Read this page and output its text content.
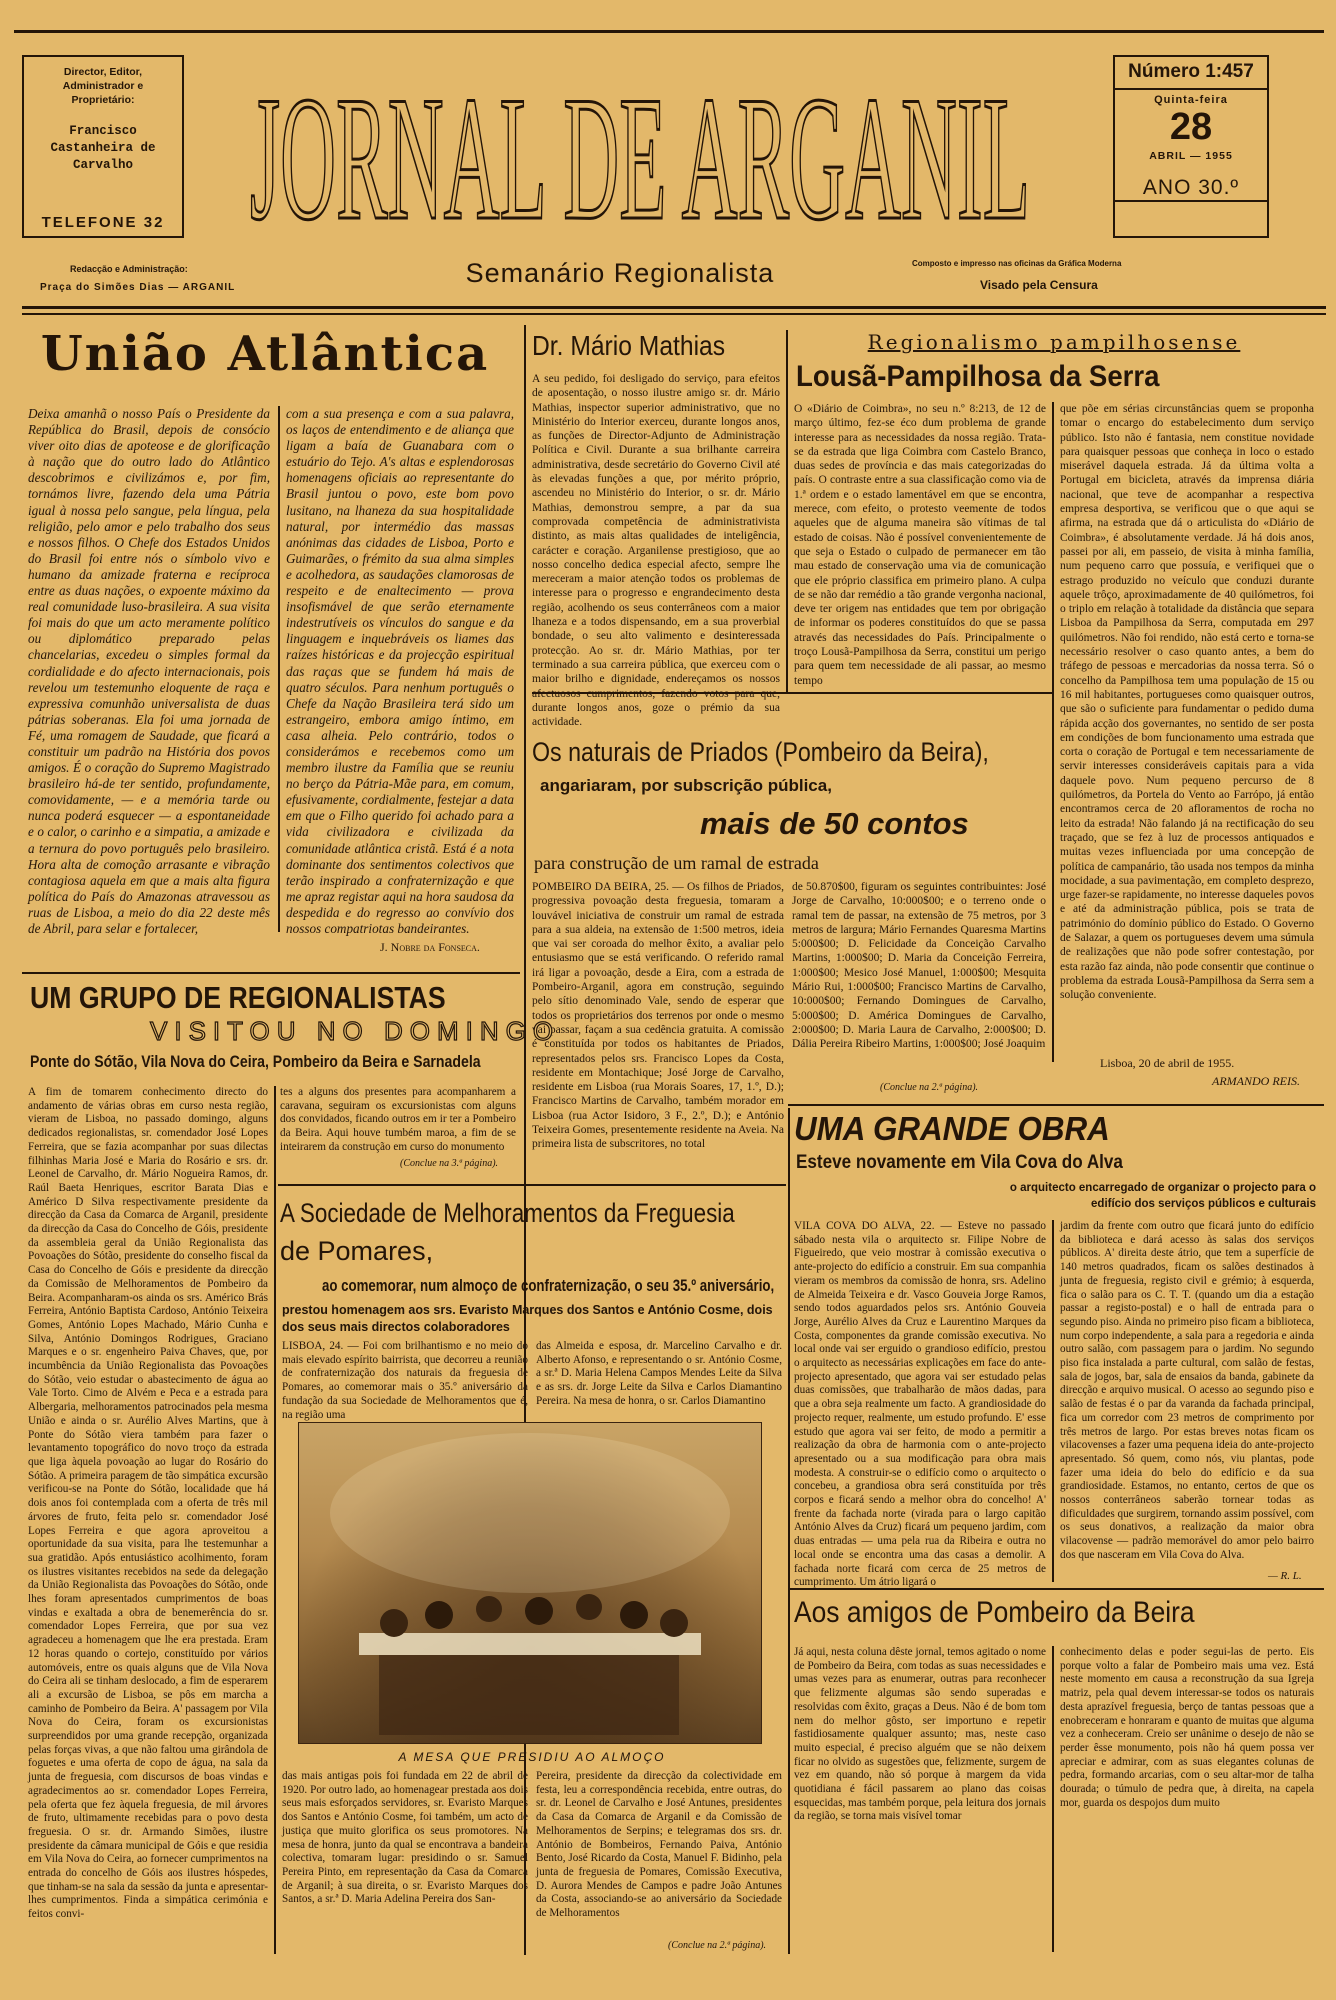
Director, Editor, Administrador e Proprietário:
Francisco Castanheira de Carvalho
TELEFONE 32
Redacção e Administração:
Praça do Simões Dias — ARGANIL
JORNAL DE ARGANIL
Semanário Regionalista	Composto e impresso nas oficinas da Gráfica Moderna
Visado pela Censura
Número 1:457
Quinta-feira
28
ABRIL — 1955
ANO 30.º
União Atlântica

Deixa amanhã o nosso País o Presidente da República do Brasil, depois de consócio viver oito dias de apoteose e de glorificação à nação que do outro lado do Atlântico descobrimos e civilizámos e, por fim, tornámos livre, fazendo dela uma Pátria igual à nossa pelo sangue, pela língua, pela religião, pelo amor e pelo trabalho dos seus e nossos filhos. O Chefe dos Estados Unidos do Brasil foi entre nós o símbolo vivo e humano da amizade fraterna e recíproca entre as duas nações, o expoente máximo da real comunidade luso-brasileira. A sua visita foi mais do que um acto meramente político ou diplomático preparado pelas chancelarias, excedeu o simples formal da cordialidade e do afecto internacionais, pois revelou um testemunho eloquente de raça e expressiva comunhão universalista de duas pátrias soberanas. Ela foi uma jornada de Fé, uma romagem de Saudade, que ficará a constituir um padrão na História dos povos amigos. É o coração do Supremo Magistrado brasileiro há-de ter sentido, profundamente, comovidamente, — e a memória tarde ou nunca poderá esquecer — a espontaneidade e o calor, o carinho e a simpatia, a amizade e a ternura do povo português pelo brasileiro. Hora alta de comoção arrasante e vibração contagiosa aquela em que a mais alta figura política do País do Amazonas atravessou as ruas de Lisboa, a meio do dia 22 deste mês de Abril, para selar e fortalecer,

com a sua presença e com a sua palavra, os laços de entendimento e de aliança que ligam a baía de Guanabara com o estuário do Tejo. A's altas e esplendorosas homenagens oficiais ao representante do Brasil juntou o povo, este bom povo lusitano, na lhaneza da sua hospitalidade natural, por intermédio das massas anónimas das cidades de Lisboa, Porto e Guimarães, o frémito da sua alma simples e acolhedora, as saudações clamorosas de respeito e de enaltecimento — prova insofismável de que serão eternamente indestrutíveis os vínculos do sangue e da linguagem e inquebráveis os liames das raízes históricas e da projecção espiritual das raças que se fundem há mais de quatro séculos. Para nenhum português o Chefe da Nação Brasileira terá sido um estrangeiro, embora amigo íntimo, em casa alheia. Pelo contrário, todos o considerámos e recebemos como um membro ilustre da Família que se reuniu no berço da Pátria-Mãe para, em comum, efusivamente, cordialmente, festejar a data em que o Filho querido foi achado para a vida civilizadora e civilizada da comunidade atlântica cristã. Está é a nota dominante dos sentimentos colectivos que terão inspirado a confraternização e que me apraz registar aqui na hora saudosa da despedida e do regresso ao convívio dos nossos compatriotas bandeirantes.

J. Nobre da Fonseca.
Dr. Mário Mathias

A seu pedido, foi desligado do serviço, para efeitos de aposentação, o nosso ilustre amigo sr. dr. Mário Mathias, inspector superior administrativo, que no Ministério do Interior exerceu, durante longos anos, as funções de Director-Adjunto de Administração Política e Civil. Durante a sua brilhante carreira administrativa, desde secretário do Governo Civil até às elevadas funções a que, por mérito próprio, ascendeu no Ministério do Interior, o sr. dr. Mário Mathias, demonstrou sempre, a par da sua comprovada competência de administrativista distinto, as mais altas qualidades de inteligência, carácter e coração. Arganilense prestigioso, que ao nosso concelho dedica especial afecto, sempre lhe mereceram a maior atenção todos os problemas de interesse para o progresso e engrandecimento desta região, acolhendo os seus conterrâneos com a maior lhaneza e a todos dispensando, em a sua proverbial bondade, o seu alto valimento e desinteressada protecção. Ao sr. dr. Mário Mathias, por ter terminado a sua carreira pública, que exerceu com o maior brilho e dignidade, endereçamos os nossos durante longos anos, goze o prémio da sua actividade.

Regionalismo pampilhosense
Lousã-Pampilhosa da Serra

O «Diário de Coimbra», no seu n.º 8:213, de 12 de março último, fez-se éco dum problema de grande interesse para as necessidades da nossa região. Trata-se da estrada que liga Coimbra com Castelo Branco, duas sedes de província e das mais categorizadas do país. O contraste entre a sua classificação como via de 1.ª ordem e o estado lamentável em que se encontra, merece, com efeito, o protesto veemente de todos aqueles que de alguma maneira são vítimas de tal estado de coisas. Não é possível convenientemente de que seja o Estado o culpado de permanecer em tão mau estado de conservação uma via de comunicação que ele próprio classifica em primeiro plano. A culpa de se não dar remédio a tão grande vergonha nacional, deve ter origem nas entidades que tem por obrigação de informar os poderes constituídos do que se passa através das necessidades do País. Principalmente o troço Lousã-Pampilhosa da Serra, constitui um perigo para quem tem necessidade de ali passar, ao mesmo tempo

que põe em sérias circunstâncias quem se proponha tomar o encargo do estabelecimento dum serviço público. Isto não é fantasia, nem constitue novidade para quaisquer pessoas que conheça in loco o estado miserável daquela estrada. Já da última volta a Portugal em bicicleta, através da imprensa diária nacional, que teve de acompanhar a respectiva empresa desportiva, se verificou que o que aqui se afirma, na estrada que dá o articulista do «Diário de Coimbra», é absolutamente verdade. Já há dois anos, passei por ali, em passeio, de visita à minha família, num pequeno carro que possuía, e verifiquei que o estrago produzido no veículo que conduzi durante aquele trôço, aproximadamente de 40 quilómetros, foi o triplo em relação à totalidade da distância que separa Lisboa da Pampilhosa da Serra, computada em 297 quilómetros. Não foi rendido, não está certo e torna-se necessário resolver o caso quanto antes, a bem do tráfego de pessoas e mercadorias da nossa terra. Só o concelho da Pampilhosa tem uma população de 15 ou 16 mil habitantes, portugueses como quaisquer outros, que são o suficiente para fundamentar o pedido duma rápida acção dos governantes, no sentido de ser posta em condições de bom funcionamento uma estrada que corta o coração de Portugal e tem necessariamente de servir interesses consideráveis capitais para a vida daquele povo. Num pequeno percurso de 8 quilómetros, da Portela do Vento ao Farrópo, já então encontramos cerca de 20 afloramentos de rocha no leito da estrada! Não falando já na rectificação do seu traçado, que se fez à luz de processos antiquados e muitas vezes influenciada por uma concepção de política de campanário, tão usada nos tempos da minha mocidade, a sua pavimentação, em completo desprezo, urge fazer-se rapidamente, no interesse daqueles povos e até da administração pública, pois se trata de património do domínio público do Estado. O Governo de Salazar, a quem os portugueses devem uma súmula de realizações que não pode sofrer contestação, por esta razão faz ainda, não pode consentir que continue o problema da estrada Lousã-Pampilhosa da Serra sem a solução conveniente.

Lisboa, 20 de abril de 1955.
ARMANDO REIS.
Os naturais de Priados (Pombeiro da Beira),
angariaram, por subscrição pública,
mais de 50 contos
para construção de um ramal de estrada

POMBEIRO DA BEIRA, 25. — Os filhos de Priados, progressiva povoação desta freguesia, tomaram a louvável iniciativa de construir um ramal de estrada para a sua aldeia, na extensão de 1:500 metros, ideia que vai ser coroada do melhor êxito, a avaliar pelo entusiasmo que se está verificando. O referido ramal irá ligar a povoação, desde a Eira, com a estrada de Pombeiro-Arganil, agora em construção, seguindo pelo sítio denominado Vale, sendo de esperar que todos os proprietários dos terrenos por onde o mesmo vai passar, façam a sua cedência gratuita. A comissão é constituída por todos os habitantes de Priados, representados pelos srs. Francisco Lopes da Costa, residente em Montachique; José Jorge de Carvalho, residente em Lisboa (rua Morais Soares, 17, 1.º, D.); Francisco Martins de Carvalho, também morador em Lisboa (rua Actor Isidoro, 3 F., 2.º, D.); e António Teixeira Gomes, presentemente residente na Aveia. Na primeira lista de subscritores, no total

de 50.870$00, figuram os seguintes contribuintes: José Jorge de Carvalho, 10:000$00; e o terreno onde o ramal tem de passar, na extensão de 75 metros, por 3 metros de largura; Mário Fernandes Quaresma Martins 5:000$00; D. Felicidade da Conceição Carvalho Martins, 1:000$00; D. Maria da Conceição Ferreira, 1:000$00; Mesico José Manuel, 1:000$00; Mesquita Mário Rui, 1:000$00; Francisco Martins de Carvalho, 10:000$00; Fernando Domingues de Carvalho, 5:000$00; D. América Domingues de Carvalho, 2:000$00; D. Maria Laura de Carvalho, 2:000$00; D. Dália Pereira Ribeiro Martins, 1:000$00; José Joaquim

(Conclue na 2.ª página).
UM GRUPO DE REGIONALISTAS
VISITOU NO DOMINGO
Ponte do Sótão, Vila Nova do Ceira, Pombeiro da Beira e Sarnadela

A fim de tomarem conhecimento directo do andamento de várias obras em curso nesta região, vieram de Lisboa, no passado domingo, alguns dedicados regionalistas, sr. comendador José Lopes Ferreira, que se fazia acompanhar por suas dilectas filhinhas Maria José e Maria do Rosário e srs. dr. Leonel de Carvalho, dr. Mário Nogueira Ramos, dr. Raúl Baeta Henriques, escritor Barata Dias e Américo D Silva respectivamente presidente da direcção da Casa da Comarca de Arganil, presidente da direcção da Casa do Concelho de Góis, presidente da assembleia geral da União Regionalista das Povoações do Sótão, presidente do conselho fiscal da Casa do Concelho de Góis e presidente da direcção da Comissão de Melhoramentos de Pombeiro da Beira. Acompanharam-os ainda os srs. Américo Brás Ferreira, António Baptista Cardoso, António Teixeira Gomes, António Lopes Machado, Mário Cunha e Silva, António Domingos Rodrigues, Graciano Marques e o sr. engenheiro Paiva Chaves, que, por incumbência da União Regionalista das Povoações do Sótão, veio estudar o abastecimento de água ao Vale Torto. Cimo de Alvém e Peca e a estrada para Albergaria, melhoramentos patrocinados pela mesma União e ainda o sr. Aurélio Alves Martins, que à Ponte do Sótão viera também para fazer o levantamento topográfico do novo troço da estrada que liga àquela povoação ao lugar do Rosário do Sótão. A primeira paragem de tão simpática excursão verificou-se na Ponte do Sótão, localidade que há dois anos foi contemplada com a oferta de três mil árvores de fruto, feita pelo sr. comendador José Lopes Ferreira e que agora aproveitou a oportunidade da sua visita, para lhe testemunhar a sua gratidão. Após entusiástico acolhimento, foram os ilustres visitantes recebidos na sede da delegação da União Regionalista das Povoações do Sótão, onde lhes foram apresentados cumprimentos de boas vindas e exaltada a obra de benemerência do sr. comendador Lopes Ferreira, que por sua vez agradeceu a homenagem que lhe era prestada. Eram 12 horas quando o cortejo, constituído por vários automóveis, entre os quais alguns que de Vila Nova do Ceira ali se tinham deslocado, a fim de esperarem ali a excursão de Lisboa, se pôs em marcha a caminho de Pombeiro da Beira. A' passagem por Vila Nova do Ceira, foram os excursionistas surpreendidos por uma grande recepção, organizada pelas forças vivas, a que não faltou uma girândola de foguetes e uma oferta de copo de água, na sala da junta de freguesia, com discursos de boas vindas e agradecimentos ao sr. comendador Lopes Ferreira, pela oferta que fez àquela freguesia, de mil árvores de fruto, ultimamente recebidas para o povo desta freguesia. O sr. dr. Armando Simões, ilustre presidente da câmara municipal de Góis e que residia em Vila Nova do Ceira, ao fornecer cumprimentos na entrada do concelho de Góis aos ilustres hóspedes, que tinham-se na sala da sessão da junta e apresentar-lhes cumprimentos. Finda a simpática cerimónia e feitos convi-

tes a alguns dos presentes para acompanharem a caravana, seguiram os excursionistas com alguns dos convidados, ficando outros em ir ter a Pombeiro da Beira. Aqui houve tumbém maroa, a fim de se inteirarem da construção em curso do monumento

(Conclue na 3.ª página).
A Sociedade de Melhoramentos da Freguesia
de Pomares,
ao comemorar, num almoço de confraternização, o seu 35.º aniversário,

prestou homenagem aos srs. Evaristo Marques dos Santos e António Cosme, dois dos seus mais directos colaboradores

LISBOA, 24. — Foi com brilhantismo e no meio do mais elevado espírito bairrista, que decorreu a reunião de confraternização dos naturais da freguesia de Pomares, ao comemorar mais o 35.º aniversário da fundação da sua Sociedade de Melhoramentos que é, na região uma

das Almeida e esposa, dr. Marcelino Carvalho e dr. Alberto Afonso, e representando o sr. António Cosme, a sr.ª D. Maria Helena Campos Mendes Leite da Silva e as srs. dr. Jorge Leite da Silva e Carlos Diamantino Pereira. Na mesa de honra, o sr. Carlos Diamantino

A MESA QUE PRESIDIU AO ALMOÇO

das mais antigas pois foi fundada em 22 de abril de 1920. Por outro lado, ao homenagear prestada aos dois seus mais esforçados servidores, sr. Evaristo Marques dos Santos e António Cosme, foi também, um acto de justiça que muito glorifica os seus promotores. Na mesa de honra, junto da qual se encontrava a bandeira colectiva, tomaram lugar: presidindo o sr. Samuel Pereira Pinto, em representação da Casa da Comarca de Arganil; à sua direita, o sr. Evaristo Marques dos Santos, a sr.ª D. Maria Adelina Pereira dos San-

Pereira, presidente da direcção da colectividade em festa, leu a correspondência recebida, entre outras, do sr. dr. Leonel de Carvalho e José Antunes, presidentes da Casa da Comarca de Arganil e da Comissão de Melhoramentos de Serpins; e telegramas dos srs. dr. António de Bombeiros, Fernando Paiva, António Bento, José Ricardo da Costa, Manuel F. Bidinho, pela junta de freguesia de Pomares, Comissão Executiva, D. Aurora Mendes de Campos e padre João Antunes da Costa, associando-se ao aniversário da Sociedade de Melhoramentos

(Conclue na 2.ª página).
UMA GRANDE OBRA
Esteve novamente em Vila Cova do Alva

o arquitecto encarregado de organizar o projecto para o edifício dos serviços públicos e culturais

VILA COVA DO ALVA, 22. — Esteve no passado sábado nesta vila o arquitecto sr. Filipe Nobre de Figueiredo, que veio mostrar à comissão executiva o ante-projecto do edifício a construir. Em sua companhia vieram os membros da comissão de honra, srs. Adelino de Almeida Teixeira e dr. Vasco Gouveia Jorge Ramos, sendo todos aguardados pelos srs. António Gouveia Jorge, Aurélio Alves da Cruz e Laurentino Marques da Costa, componentes da grande comissão executiva. No local onde vai ser erguido o grandioso edifício, prestou o arquitecto as necessárias explicações em face do ante-projecto apresentado, que agora vai ser estudado pelas duas comissões, que trabalharão de mãos dadas, para que a obra seja realmente um facto. A grandiosidade do projecto requer, realmente, um estudo profundo. E' esse estudo que agora vai ser feito, de modo a permitir a realização da obra de harmonia com o ante-projecto apresentado ou a sua modificação para obra mais modesta. A construir-se o edifício como o arquitecto o concebeu, a grandiosa obra será constituída por três corpos e ficará sendo a melhor obra do concelho! A' frente da fachada norte (virada para o largo capitão António Alves da Cruz) ficará um pequeno jardim, com duas entradas — uma pela rua da Ribeira e outra no local onde se encontra uma das casas a demolir. A fachada norte ficará com cerca de 25 metros de cumprimento. Um átrio ligará o

jardim da frente com outro que ficará junto do edifício da biblioteca e dará acesso às salas dos serviços públicos. A' direita deste átrio, que tem a superfície de 140 metros quadrados, ficam os salões destinados à junta de freguesia, registo civil e grémio; à esquerda, fica o salão para os C. T. T. (quando um dia a estação passar a registo-postal) e o hall de entrada para o segundo piso. Ainda no primeiro piso ficam a biblioteca, num corpo independente, a sala para a regedoria e ainda outro salão, com passagem para o jardim. No segundo piso fica instalada a parte cultural, com salão de festas, sala de jogos, bar, sala de ensaios da banda, gabinete da direcção e arquivo musical. O acesso ao segundo piso e salão de festas é o par da varanda da fachada principal, fica um corredor com 23 metros de comprimento por três metros de largo. Por estas breves notas ficam os vilacovenses a fazer uma pequena ideia do ante-projecto apresentado. Só quem, como nós, viu plantas, pode fazer uma ideia do belo do edifício e da sua grandiosidade. Estamos, no entanto, certos de que os nossos conterrâneos saberão tornear todas as dificuldades que surgirem, tornando assim possível, com os seus donativos, a realização da maior obra vilacovense — padrão memorável do amor pelo bairro dos que nasceram em Vila Cova do Alva.

— R. L.
Aos amigos de Pombeiro da Beira

Já aqui, nesta coluna dêste jornal, temos agitado o nome de Pombeiro da Beira, com todas as suas necessidades e umas vezes para as enumerar, outras para reconhecer que felizmente algumas são sendo superadas e resolvidas com êxito, graças a Deus. Não é de bom tom nem do melhor gôsto, ser importuno e repetir fastidiosamente qualquer assunto; mas, neste caso muito especial, é preciso alguém que se não deixem ficar no olvido as sugestões que, felizmente, surgem de vez em quando, não só porque à margem da vida quotidiana é fácil passarem ao plano das coisas esquecidas, mas também porque, pela leitura dos jornais da região, se torna mais visível tomar

conhecimento delas e poder segui-las de perto. Eis porque volto a falar de Pombeiro mais uma vez. Está neste momento em causa a reconstrução da sua Igreja matriz, pela qual devem interessar-se todos os naturais desta aprazível freguesia, berço de tantas pessoas que a enobreceram e honraram e quanto de muitas que alguma vez a conheceram. Creio ser unânime o desejo de não se perder êsse monumento, pois não há quem possa ver apreciar e admirar, com as suas elegantes colunas de pedra, formando arcarias, com o seu altar-mor de talha dourada; o túmulo de pedra que, à direita, na capela mor, guarda os despojos dum muito
